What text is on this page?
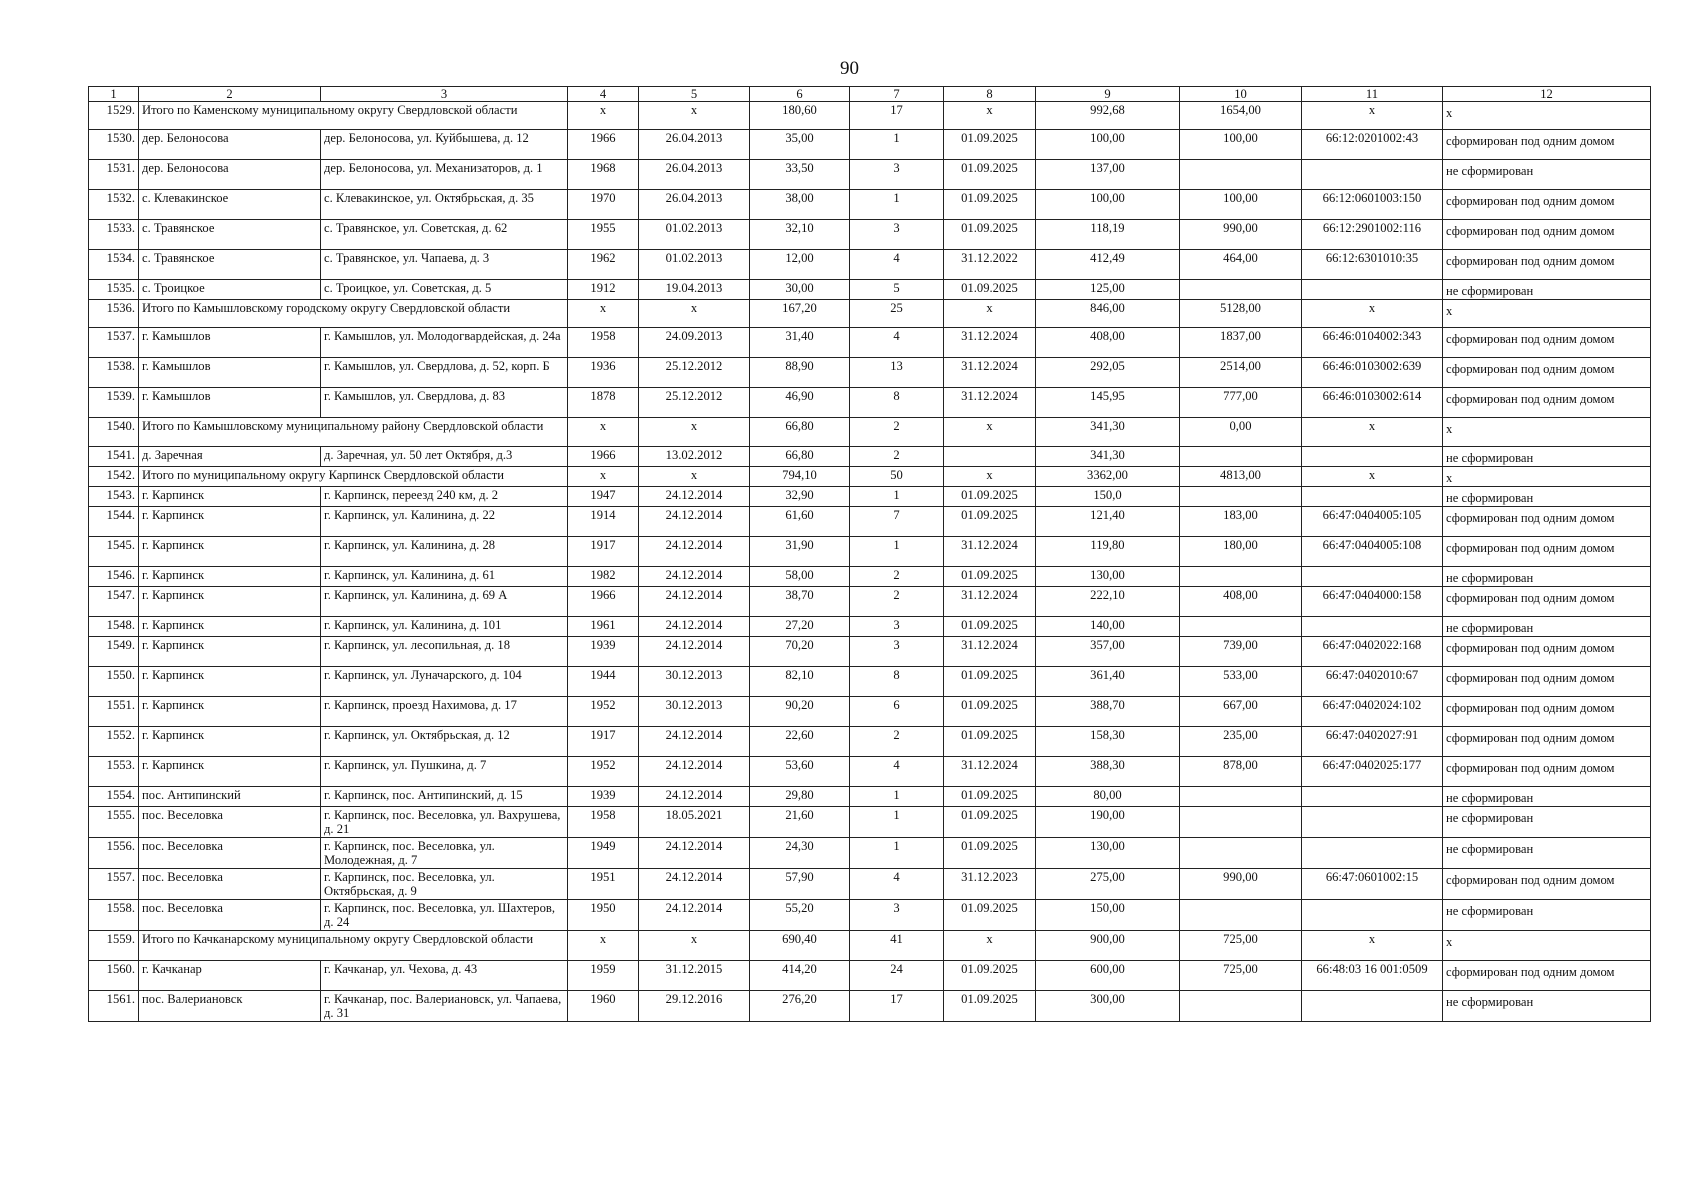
90
1	2	3	4	5	6	7	8	9	10	11	12
1529.	Итого по Каменскому муниципальному округу Свердловской области		x	x	180,60	17	x	992,68	1654,00	x	x
1530.	дер. Белоносова	дер. Белоносова, ул. Куйбышева, д. 12	1966	26.04.2013	35,00	1	01.09.2025	100,00	100,00	66:12:0201002:43	сформирован под одним домом
1531.	дер. Белоносова	дер. Белоносова, ул. Механизаторов, д. 1	1968	26.04.2013	33,50	3	01.09.2025	137,00			не сформирован
1532.	с. Клевакинское	с. Клевакинское, ул. Октябрьская, д. 35	1970	26.04.2013	38,00	1	01.09.2025	100,00	100,00	66:12:0601003:150	сформирован под одним домом
1533.	с. Травянское	с. Травянское, ул. Советская, д. 62	1955	01.02.2013	32,10	3	01.09.2025	118,19	990,00	66:12:2901002:116	сформирован под одним домом
1534.	с. Травянское	с. Травянское, ул. Чапаева, д. 3	1962	01.02.2013	12,00	4	31.12.2022	412,49	464,00	66:12:6301010:35	сформирован под одним домом
1535.	с. Троицкое	с. Троицкое, ул. Советская, д. 5	1912	19.04.2013	30,00	5	01.09.2025	125,00			не сформирован
1536.	Итого по Камышловскому городскому округу Свердловской области		x	x	167,20	25	x	846,00	5128,00	x	x
1537.	г. Камышлов	г. Камышлов, ул. Молодогвардейская, д. 24а	1958	24.09.2013	31,40	4	31.12.2024	408,00	1837,00	66:46:0104002:343	сформирован под одним домом
1538.	г. Камышлов	г. Камышлов, ул. Свердлова, д. 52, корп. Б	1936	25.12.2012	88,90	13	31.12.2024	292,05	2514,00	66:46:0103002:639	сформирован под одним домом
1539.	г. Камышлов	г. Камышлов, ул. Свердлова, д. 83	1878	25.12.2012	46,90	8	31.12.2024	145,95	777,00	66:46:0103002:614	сформирован под одним домом
1540.	Итого по Камышловскому муниципальному району Свердловской области		x	x	66,80	2	x	341,30	0,00	x	x
1541.	д. Заречная	д. Заречная, ул. 50 лет Октября, д.3	1966	13.02.2012	66,80	2		341,30			не сформирован
1542.	Итого по муниципальному округу Карпинск Свердловской области		x	x	794,10	50	x	3362,00	4813,00	x	x
1543.	г. Карпинск	г. Карпинск, переезд 240 км, д. 2	1947	24.12.2014	32,90	1	01.09.2025	150,0			не сформирован
1544.	г. Карпинск	г. Карпинск, ул. Калинина, д. 22	1914	24.12.2014	61,60	7	01.09.2025	121,40	183,00	66:47:0404005:105	сформирован под одним домом
1545.	г. Карпинск	г. Карпинск, ул. Калинина, д. 28	1917	24.12.2014	31,90	1	31.12.2024	119,80	180,00	66:47:0404005:108	сформирован под одним домом
1546.	г. Карпинск	г. Карпинск, ул. Калинина, д. 61	1982	24.12.2014	58,00	2	01.09.2025	130,00			не сформирован
1547.	г. Карпинск	г. Карпинск, ул. Калинина, д. 69 А	1966	24.12.2014	38,70	2	31.12.2024	222,10	408,00	66:47:0404000:158	сформирован под одним домом
1548.	г. Карпинск	г. Карпинск, ул. Калинина, д. 101	1961	24.12.2014	27,20	3	01.09.2025	140,00			не сформирован
1549.	г. Карпинск	г. Карпинск, ул. лесопильная, д. 18	1939	24.12.2014	70,20	3	31.12.2024	357,00	739,00	66:47:0402022:168	сформирован под одним домом
1550.	г. Карпинск	г. Карпинск, ул. Луначарского, д. 104	1944	30.12.2013	82,10	8	01.09.2025	361,40	533,00	66:47:0402010:67	сформирован под одним домом
1551.	г. Карпинск	г. Карпинск, проезд Нахимова, д. 17	1952	30.12.2013	90,20	6	01.09.2025	388,70	667,00	66:47:0402024:102	сформирован под одним домом
1552.	г. Карпинск	г. Карпинск, ул. Октябрьская, д. 12	1917	24.12.2014	22,60	2	01.09.2025	158,30	235,00	66:47:0402027:91	сформирован под одним домом
1553.	г. Карпинск	г. Карпинск, ул. Пушкина, д. 7	1952	24.12.2014	53,60	4	31.12.2024	388,30	878,00	66:47:0402025:177	сформирован под одним домом
1554.	пос. Антипинский	г. Карпинск, пос. Антипинский, д. 15	1939	24.12.2014	29,80	1	01.09.2025	80,00			не сформирован
1555.	пос. Веселовка	г. Карпинск, пос. Веселовка, ул. Вахрушева, д. 21	1958	18.05.2021	21,60	1	01.09.2025	190,00			не сформирован
1556.	пос. Веселовка	г. Карпинск, пос. Веселовка, ул. Молодежная, д. 7	1949	24.12.2014	24,30	1	01.09.2025	130,00			не сформирован
1557.	пос. Веселовка	г. Карпинск, пос. Веселовка, ул. Октябрьская, д. 9	1951	24.12.2014	57,90	4	31.12.2023	275,00	990,00	66:47:0601002:15	сформирован под одним домом
1558.	пос. Веселовка	г. Карпинск, пос. Веселовка, ул. Шахтеров, д. 24	1950	24.12.2014	55,20	3	01.09.2025	150,00			не сформирован
1559.	Итого по Качканарскому муниципальному округу Свердловской области		x	x	690,40	41	x	900,00	725,00	x	x
1560.	г. Качканар	г. Качканар, ул. Чехова, д. 43	1959	31.12.2015	414,20	24	01.09.2025	600,00	725,00	66:48:03 16 001:0509	сформирован под одним домом
1561.	пос. Валериановск	г. Качканар, пос. Валериановск, ул. Чапаева, д. 31	1960	29.12.2016	276,20	17	01.09.2025	300,00			не сформирован
